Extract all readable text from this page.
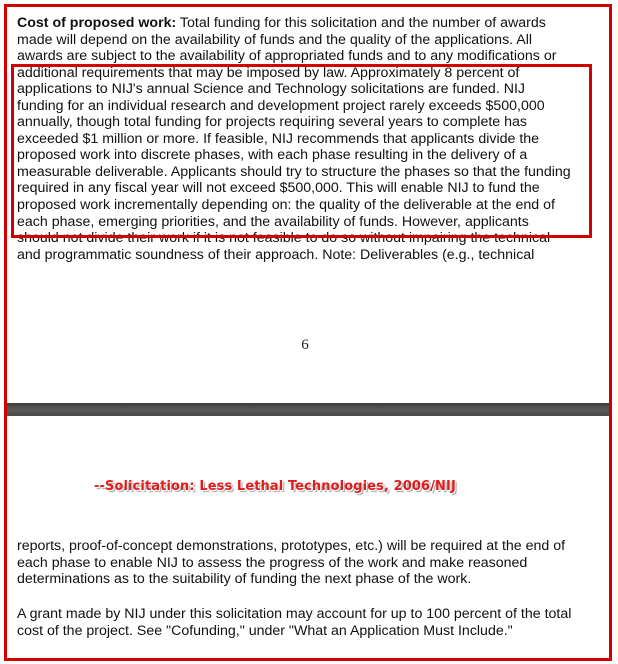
Cost of proposed work: Total funding for this solicitation and the number of awards
made will depend on the availability of funds and the quality of the applications. All
awards are subject to the availability of appropriated funds and to any modifications or
additional requirements that may be imposed by law. Approximately 8 percent of
applications to NIJ's annual Science and Technology solicitations are funded. NIJ
funding for an individual research and development project rarely exceeds $500,000
annually, though total funding for projects requiring several years to complete has
exceeded $1 million or more. If feasible, NIJ recommends that applicants divide the
proposed work into discrete phases, with each phase resulting in the delivery of a
measurable deliverable. Applicants should try to structure the phases so that the funding
required in any fiscal year will not exceed $500,000. This will enable NIJ to fund the
proposed work incrementally depending on: the quality of the deliverable at the end of
each phase, emerging priorities, and the availability of funds. However, applicants
should not divide their work if it is not feasible to do so without impairing the technical
and programmatic soundness of their approach. Note: Deliverables (e.g., technical
6
--Solicitation: Less Lethal Technologies, 2006/NIJ
reports, proof-of-concept demonstrations, prototypes, etc.) will be required at the end of
each phase to enable NIJ to assess the progress of the work and make reasoned
determinations as to the suitability of funding the next phase of the work.
A grant made by NIJ under this solicitation may account for up to 100 percent of the total
cost of the project. See "Cofunding," under "What an Application Must Include."
